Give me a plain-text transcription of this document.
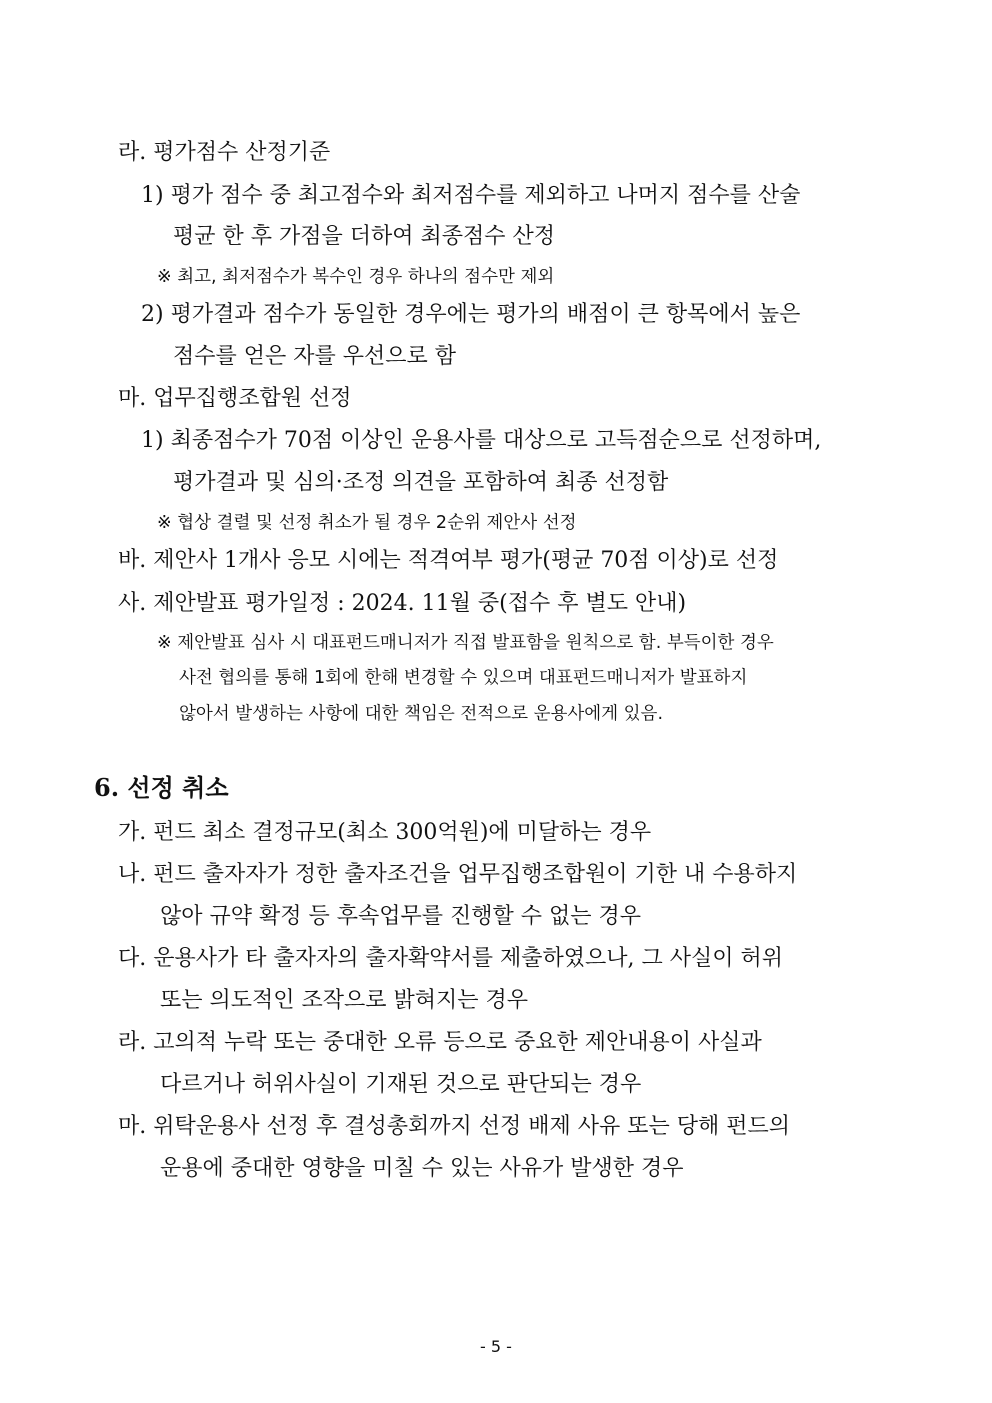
라. 평가점수 산정기준
1) 평가 점수 중 최고점수와 최저점수를 제외하고 나머지 점수를 산술
평균 한 후 가점을 더하여 최종점수 산정
※ 최고, 최저점수가 복수인 경우 하나의 점수만 제외
2) 평가결과 점수가 동일한 경우에는 평가의 배점이 큰 항목에서 높은
점수를 얻은 자를 우선으로 함
마. 업무집행조합원 선정
1) 최종점수가 70점 이상인 운용사를 대상으로 고득점순으로 선정하며,
평가결과 및 심의·조정 의견을 포함하여 최종 선정함
※ 협상 결렬 및 선정 취소가 될 경우 2순위 제안사 선정
바. 제안사 1개사 응모 시에는 적격여부 평가(평균 70점 이상)로 선정
사. 제안발표 평가일정 : 2024. 11월 중(접수 후 별도 안내)
※ 제안발표 심사 시 대표펀드매니저가 직접 발표함을 원칙으로 함. 부득이한 경우
사전 협의를 통해 1회에 한해 변경할 수 있으며 대표펀드매니저가 발표하지
않아서 발생하는 사항에 대한 책임은 전적으로 운용사에게 있음.
6. 선정 취소
가. 펀드 최소 결정규모(최소 300억원)에 미달하는 경우
나. 펀드 출자자가 정한 출자조건을 업무집행조합원이 기한 내 수용하지
않아 규약 확정 등 후속업무를 진행할 수 없는 경우
다. 운용사가 타 출자자의 출자확약서를 제출하였으나, 그 사실이 허위
또는 의도적인 조작으로 밝혀지는 경우
라. 고의적 누락 또는 중대한 오류 등으로 중요한 제안내용이 사실과
다르거나 허위사실이 기재된 것으로 판단되는 경우
마. 위탁운용사 선정 후 결성총회까지 선정 배제 사유 또는 당해 펀드의
운용에 중대한 영향을 미칠 수 있는 사유가 발생한 경우
- 5 -
